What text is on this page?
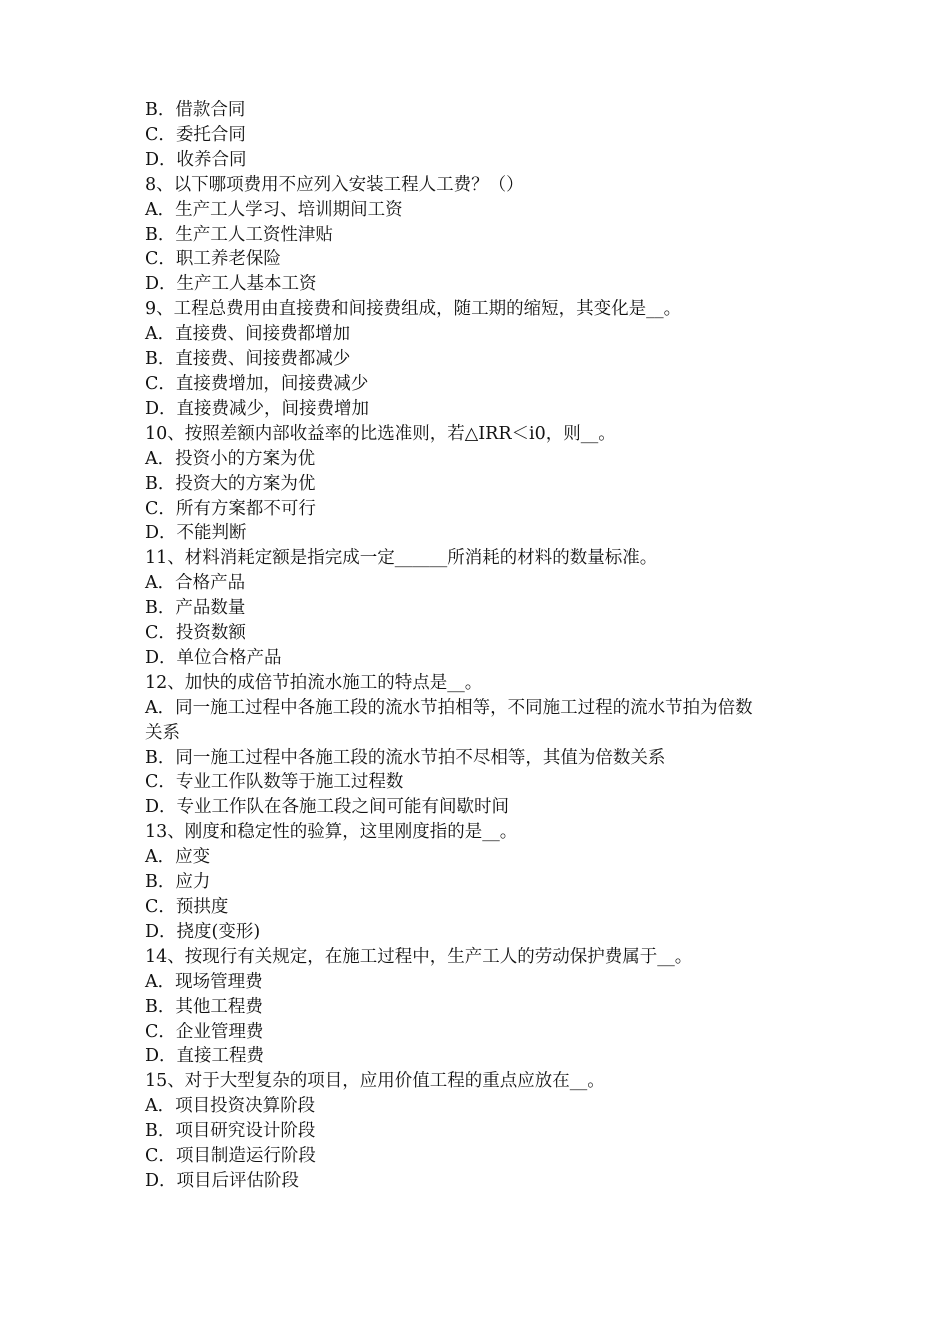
B．借款合同

C．委托合同

D．收养合同

8、以下哪项费用不应列入安装工程人工费？（）

A．生产工人学习、培训期间工资

B．生产工人工资性津贴

C．职工养老保险

D．生产工人基本工资

9、工程总费用由直接费和间接费组成，随工期的缩短，其变化是__。

A．直接费、间接费都增加

B．直接费、间接费都减少

C．直接费增加，间接费减少

D．直接费减少，间接费增加

10、按照差额内部收益率的比选准则，若△IRR＜i0，则__。

A．投资小的方案为优

B．投资大的方案为优

C．所有方案都不可行

D．不能判断

11、材料消耗定额是指完成一定______所消耗的材料的数量标准。

A．合格产品

B．产品数量

C．投资数额

D．单位合格产品

12、加快的成倍节拍流水施工的特点是__。

A．同一施工过程中各施工段的流水节拍相等，不同施工过程的流水节拍为倍数

关系

B．同一施工过程中各施工段的流水节拍不尽相等，其值为倍数关系

C．专业工作队数等于施工过程数

D．专业工作队在各施工段之间可能有间歇时间

13、刚度和稳定性的验算，这里刚度指的是__。

A．应变

B．应力

C．预拱度

D．挠度(变形)

14、按现行有关规定，在施工过程中，生产工人的劳动保护费属于__。

A．现场管理费

B．其他工程费

C．企业管理费

D．直接工程费

15、对于大型复杂的项目，应用价值工程的重点应放在__。

A．项目投资决算阶段

B．项目研究设计阶段

C．项目制造运行阶段

D．项目后评估阶段
